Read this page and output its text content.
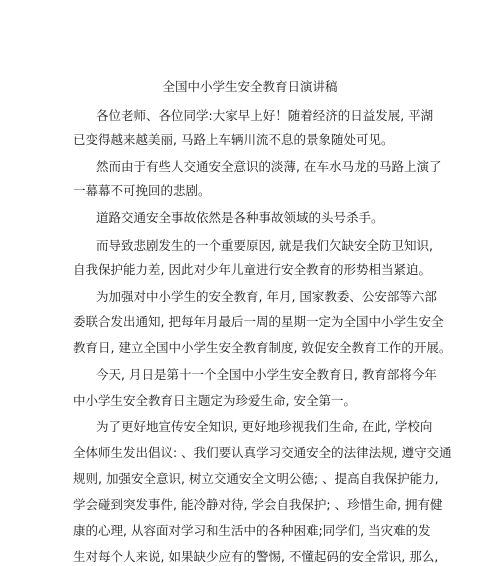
全国中小学生安全教育日演讲稿
各位老师、各位同学:大家早上好！随着经济的日益发展, 平湖
已变得越来越美丽, 马路上车辆川流不息的景象随处可见。
然而由于有些人交通安全意识的淡薄, 在车水马龙的马路上演了
一幕幕不可挽回的悲剧。
道路交通安全事故依然是各种事故领域的头号杀手。
而导致悲剧发生的一个重要原因, 就是我们欠缺安全防卫知识,
自我保护能力差, 因此对少年儿童进行安全教育的形势相当紧迫。
为加强对中小学生的安全教育, 年月, 国家教委、公安部等六部
委联合发出通知, 把每年月最后一周的星期一定为全国中小学生安全
教育日, 建立全国中小学生安全教育制度, 敦促安全教育工作的开展。
今天, 月日是第十一个全国中小学生安全教育日, 教育部将今年
中小学生安全教育日主题定为珍爱生命, 安全第一。
为了更好地宣传安全知识, 更好地珍视我们生命, 在此, 学校向
全体师生发出倡议: 、我们要认真学习交通安全的法律法规, 遵守交通
规则, 加强安全意识, 树立交通安全文明公德; 、提高自我保护能力,
学会碰到突发事件, 能冷静对待, 学会自我保护; 、珍惜生命, 拥有健
康的心理, 从容面对学习和生活中的各种困难;同学们, 当灾难的发
生对每个人来说, 如果缺少应有的警惕, 不懂起码的安全常识, 那么,
